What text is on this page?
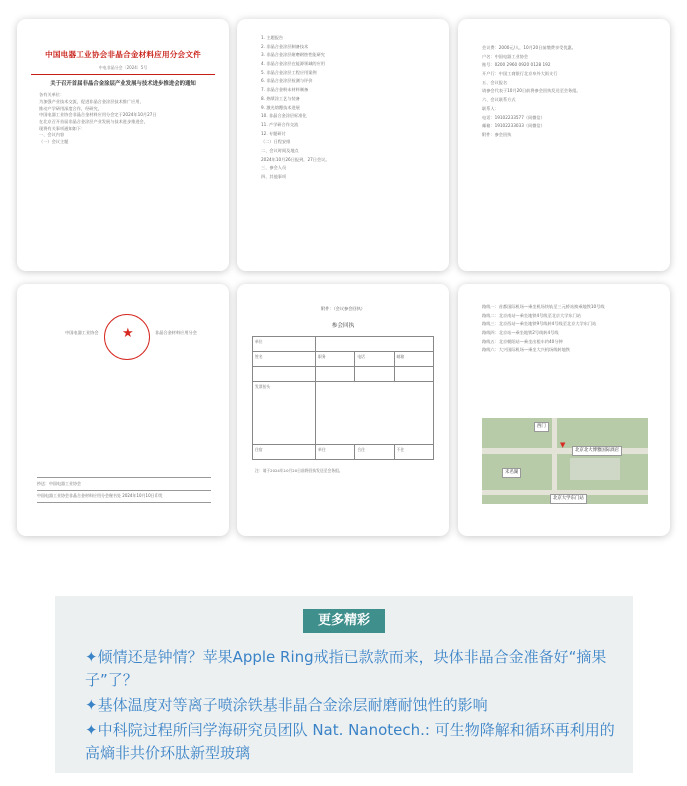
中国电器工业协会非晶合金材料应用分会文件
中电非晶分会〔2024〕5号
关于召开首届非晶合金涂层产业发展与技术进步推进会的通知
各有关单位：
为加强产业技术交流，促进非晶合金涂层技术推广应用，
推动产学研用深度合作，经研究，
中国电器工业协会非晶合金材料应用分会定于2024年10月27日
在北京召开首届非晶合金涂层产业发展与技术进步推进会，
现将有关事项通知如下：
一、会议内容
（一）会议主题
1. 主题报告
2. 非晶合金涂层制备技术
3. 非晶合金涂层耐磨耐蚀性能研究
4. 非晶合金涂层在能源领域的应用
5. 非晶合金涂层工程应用案例
6. 非晶合金涂层检测与评价
7. 非晶合金粉末材料制备
8. 热喷涂工艺与装备
9. 激光熔覆技术进展
10. 非晶合金涂层标准化
11. 产学研合作交流
12. 专题研讨
（二）日程安排
二、会议时间及地点
2024年10月26日报到，27日会议。
三、参会人员
四、其他事项
会议费：2000元/人，10月20日前缴费享受优惠。
户名：中国电器工业协会
账号：0200 2960 0920 0128 192
开户行：中国工商银行北京阜外大街支行
五、会议报名
请参会代表于10月20日前将参会回执发送至会务组。
六、会议联系方式
联系人：
电话：19102233577（同微信）
邮箱：19102233033（同微信）
附件：参会回执
中国电器工业协会 ★	非晶合金材料应用分会
抄送：中国电器工业协会
中国电器工业协会非晶合金材料应用分会秘书处 2024年10月10日印发
附件：（会议参会回执）
参会回执
单位			
姓名	职务	电话	邮箱

发票抬头			
住宿	单住	合住	不住
注：请于2024年10月20日前将回执发送至会务组。
路线一：首都国际机场—乘坐机场快轨至三元桥站换乘地铁10号线
路线二：北京南站—乘坐地铁4号线至北京大学东门站
路线三：北京西站—乘坐地铁9号线转4号线至北京大学东门站
路线四：北京站—乘坐地铁2号线转4号线
路线五：北京朝阳站—乘坐出租车约40分钟
路线六：大兴国际机场—乘坐大兴机场线转地铁
▼
西门
北京北大博雅国际酒店
未名湖
北京大学东门站
更多精彩
✦倾情还是钟情？苹果Apple Ring戒指已款款而来，块体非晶合金准备好“摘果子”了？
✦基体温度对等离子喷涂铁基非晶合金涂层耐磨耐蚀性的影响
✦中科院过程所闫学海研究员团队 Nat. Nanotech.: 可生物降解和循环再利用的高熵非共价环肽新型玻璃
